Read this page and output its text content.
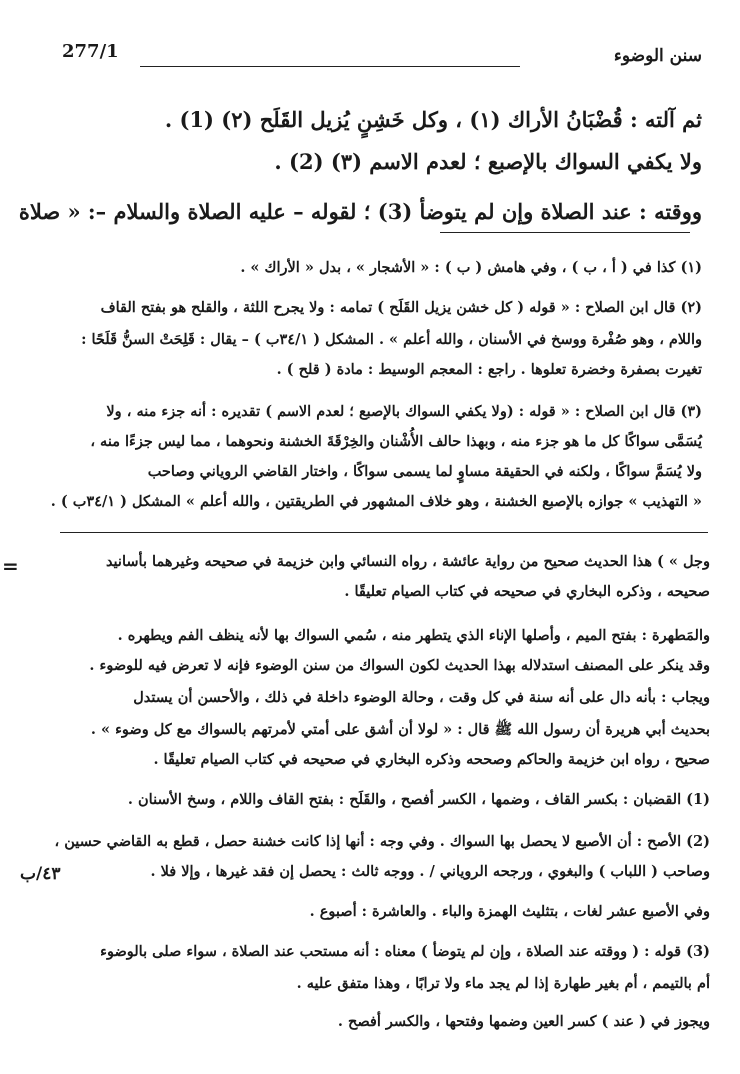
277/1	سنن الوضوء
ثم آلته : قُضْبَانُ الأراك (١) ، وكل خَشِنٍ يُزيل القَلَح (٢) (1) .
ولا يكفي السواك بالإصبع ؛ لعدم الاسم (٣) (2) .
ووقته : عند الصلاة وإن لم يتوضأ (3) ؛ لقوله – عليه الصلاة والسلام –: « صلاة
(١) كذا في ( أ ، ب ) ، وفي هامش ( ب ) : « الأشجار » ، بدل « الأراك » .
(٢) قال ابن الصلاح : « قوله ( كل خشن يزيل القَلَح ) تمامه : ولا يجرح اللثة ، والقلح هو بفتح القاف
واللام ، وهو صُفْرة ووسخ في الأسنان ، والله أعلم » . المشكل ( ٣٤/١ب ) – يقال : قَلِحَتْ السنُّ قَلَحًا :
تغيرت بصفرة وخضرة تعلوها . راجع : المعجم الوسيط : مادة ( قلح ) .
(٣) قال ابن الصلاح : « قوله : (ولا يكفي السواك بالإصبع ؛ لعدم الاسم ) تقديره : أنه جزء منه ، ولا
يُسَمَّى سواكًا كل ما هو جزء منه ، وبهذا حالف الأُشْنان والخِرْقَةَ الخشنة ونحوهما ، مما ليس جزءًا منه ،
ولا يُسَمَّ سواكًا ، ولكنه في الحقيقة مساوٍ لما يسمى سواكًا ، واختار القاضي الروياني وصاحب
« التهذيب » جوازه بالإصبع الخشنة ، وهو خلاف المشهور في الطريقتين ، والله أعلم » المشكل ( ٣٤/١ب ) .
=	وجل » ) هذا الحديث صحيح من رواية عائشة ، رواه النسائي وابن خزيمة في صحيحه وغيرهما بأسانيد
صحيحه ، وذكره البخاري في صحيحه في كتاب الصيام تعليقًا .
والمَطهرة : بفتح الميم ، وأصلها الإناء الذي يتطهر منه ، سُمي السواك بها لأنه ينظف الفم ويطهره .
وقد ينكر على المصنف استدلاله بهذا الحديث لكون السواك من سنن الوضوء فإنه لا تعرض فيه للوضوء .
ويجاب : بأنه دال على أنه سنة في كل وقت ، وحالة الوضوء داخلة في ذلك ، والأحسن أن يستدل
بحديث أبي هريرة أن رسول الله ﷺ قال : « لولا أن أشق على أمتي لأمرتهم بالسواك مع كل وضوء » .
صحيح ، رواه ابن خزيمة والحاكم وصححه وذكره البخاري في صحيحه في كتاب الصيام تعليقًا .
(1) القضبان : بكسر القاف ، وضمها ، الكسر أفصح ، والقَلَح : بفتح القاف واللام ، وسخ الأسنان .
(2) الأصح : أن الأصبع لا يحصل بها السواك . وفي وجه : أنها إذا كانت خشنة حصل ، قطع به القاضي حسين ،
وصاحب ( اللباب ) والبغوي ، ورجحه الروياني / . ووجه ثالث : يحصل إن فقد غيرها ، وإلا فلا .
وفي الأصبع عشر لغات ، بتثليث الهمزة والباء . والعاشرة : أصبوع .
(3) قوله : ( ووقته عند الصلاة ، وإن لم يتوضأ ) معناه : أنه مستحب عند الصلاة ، سواء صلى بالوضوء
أم بالتيمم ، أم بغير طهارة إذا لم يجد ماء ولا ترابًا ، وهذا متفق عليه .
ويجوز في ( عند ) كسر العين وضمها وفتحها ، والكسر أفصح .
٤٣/ب
